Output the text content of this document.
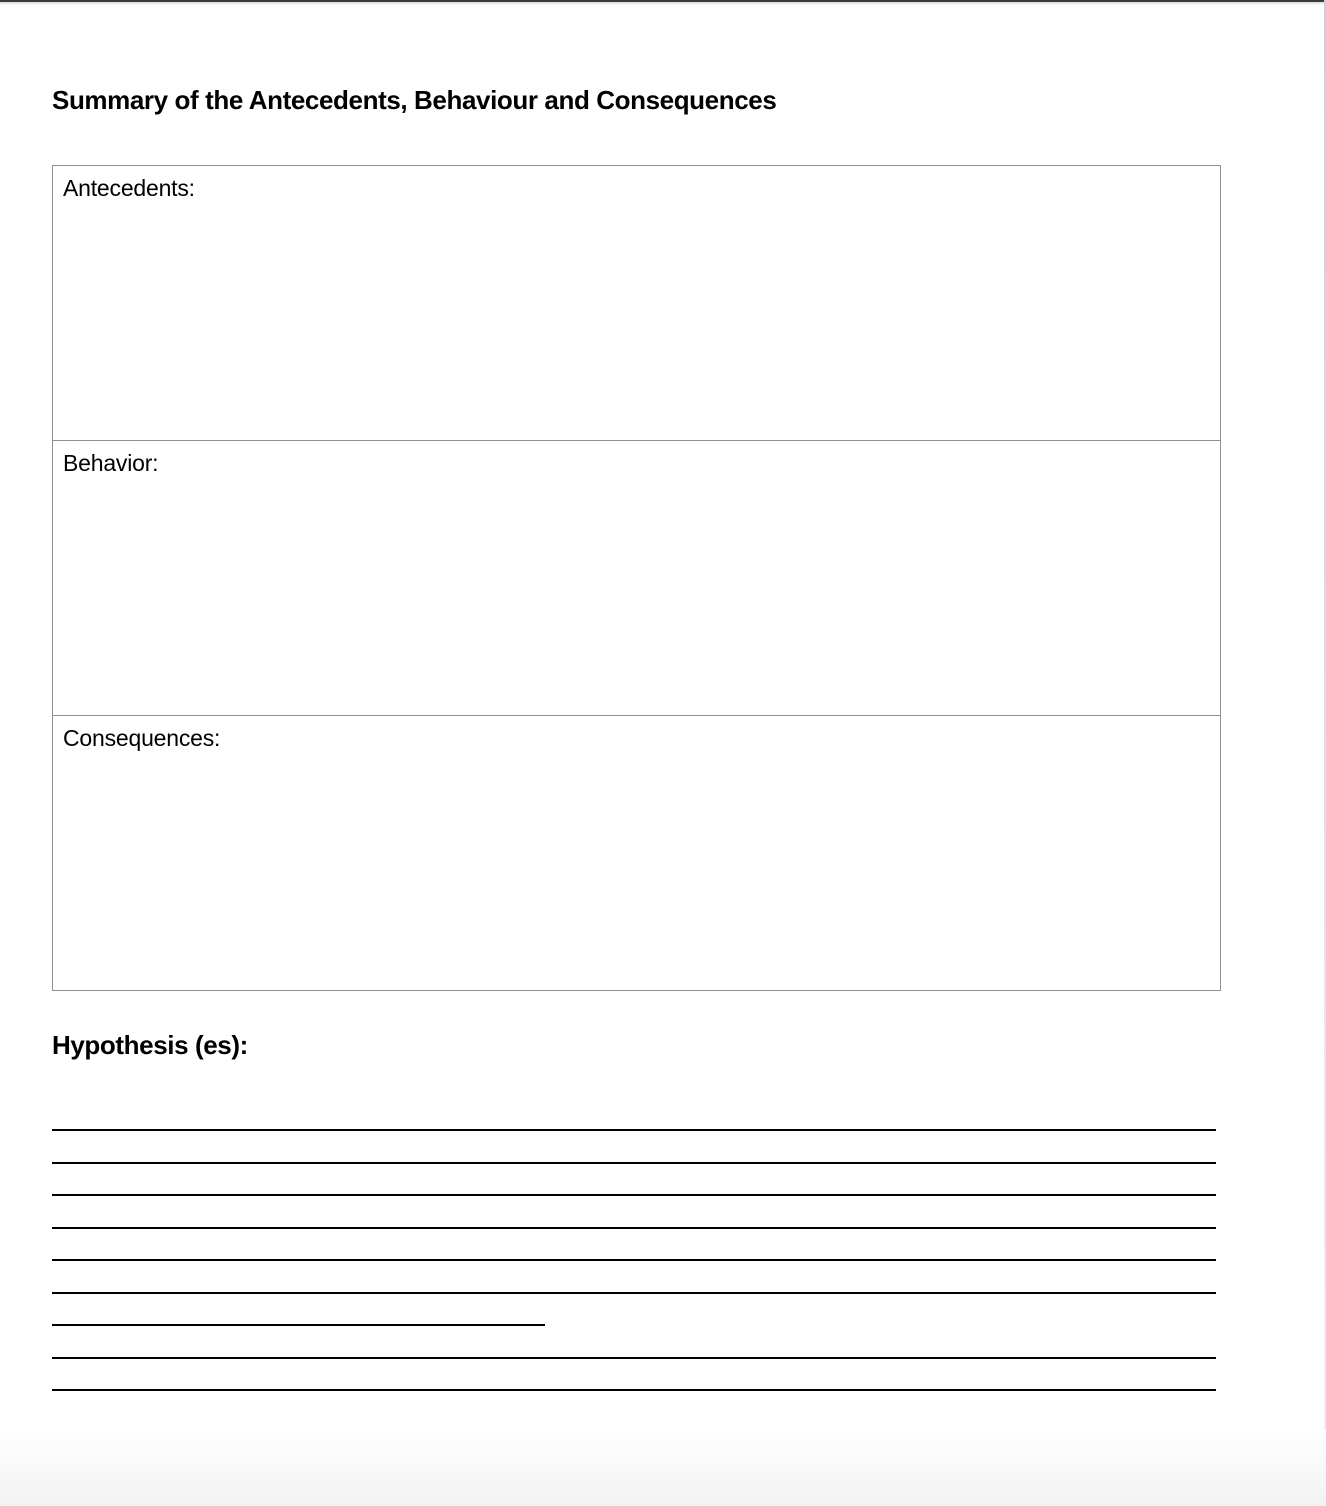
Summary of the Antecedents, Behaviour and Consequences
Antecedents:

Behavior:

Consequences:
Hypothesis (es):
